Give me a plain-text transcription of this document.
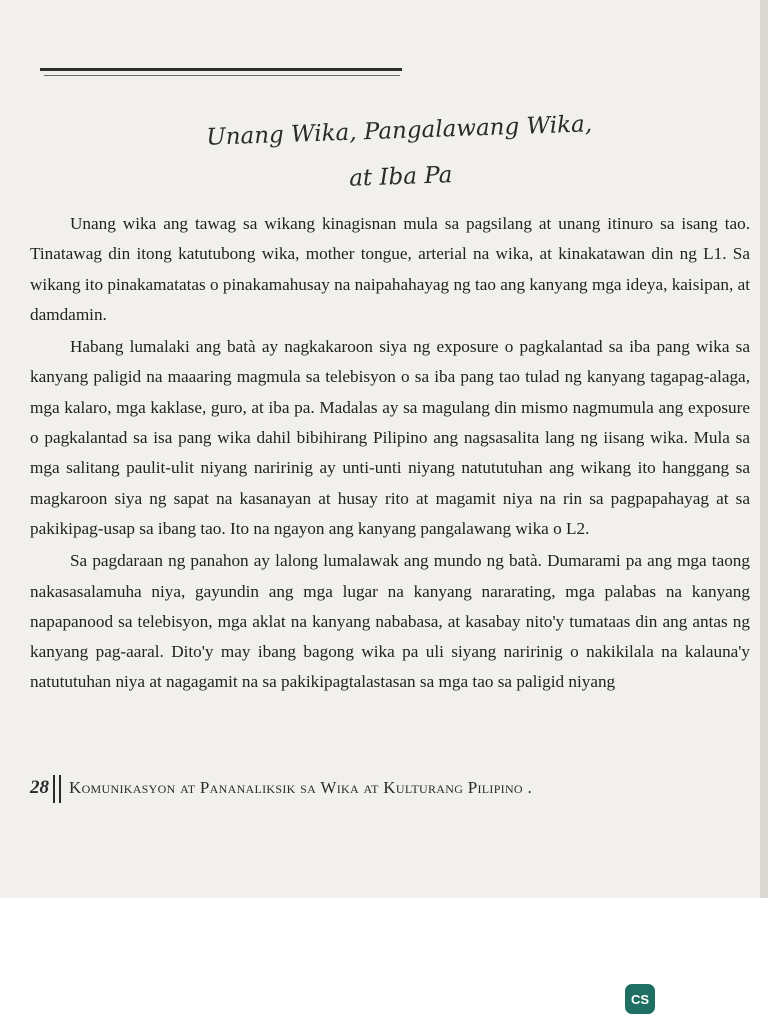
Unang Wika, Pangalawang Wika,
at Iba Pa

Unang wika ang tawag sa wikang kinagisnan mula sa pagsilang at unang itinuro sa isang tao. Tinatawag din itong katutubong wika, mother tongue, arterial na wika, at kinakatawan din ng L1. Sa wikang ito pinakamatatas o pinakamahusay na naipahahayag ng tao ang kanyang mga ideya, kaisipan, at damdamin.

Habang lumalaki ang batà ay nagkakaroon siya ng exposure o pagkalantad sa iba pang wika sa kanyang paligid na maaaring magmula sa telebisyon o sa iba pang tao tulad ng kanyang tagapag-alaga, mga kalaro, mga kaklase, guro, at iba pa. Madalas ay sa magulang din mismo nagmumula ang exposure o pagkalantad sa isa pang wika dahil bibihirang Pilipino ang nagsasalita lang ng iisang wika. Mula sa mga salitang paulit-ulit niyang naririnig ay unti-unti niyang natututuhan ang wikang ito hanggang sa magkaroon siya ng sapat na kasanayan at husay rito at magamit niya na rin sa pagpapahayag at sa pakikipag-usap sa ibang tao. Ito na ngayon ang kanyang pangalawang wika o L2.

Sa pagdaraan ng panahon ay lalong lumalawak ang mundo ng batà. Dumarami pa ang mga taong nakasasalamuha niya, gayundin ang mga lugar na kanyang nararating, mga palabas na kanyang napapanood sa telebisyon, mga aklat na kanyang nababasa, at kasabay nito'y tumataas din ang antas ng kanyang pag-aaral. Dito'y may ibang bagong wika pa uli siyang naririnig o nakikilala na kalauna'y natututuhan niya at nagagamit na sa pakikipagtalastasan sa mga tao sa paligid niyang

28 Komunikasyon at Pananaliksik sa Wika at Kulturang Pilipino .
CS
